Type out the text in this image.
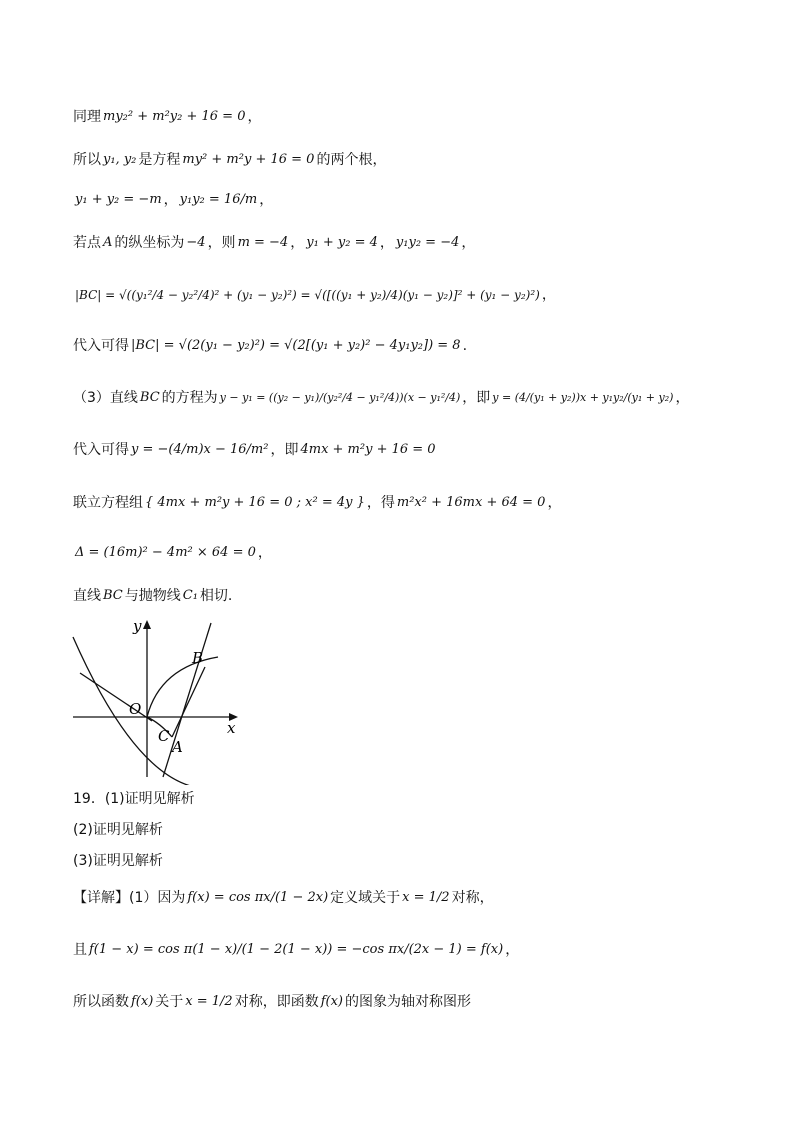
同理 my₂² + m²y₂ + 16 = 0 ，
所以 y₁, y₂ 是方程 my² + m²y + 16 = 0 的两个根，
y₁ + y₂ = −m ， y₁y₂ = 16/m ，
若点 A 的纵坐标为 −4 ，则 m = −4 ， y₁ + y₂ = 4 ， y₁y₂ = −4 ，
|BC| = √((y₁²/4 − y₂²/4)² + (y₁ − y₂)²) = √([((y₁ + y₂)/4)(y₁ − y₂)]² + (y₁ − y₂)²) ，
代入可得 |BC| = √(2(y₁ − y₂)²) = √(2[(y₁ + y₂)² − 4y₁y₂]) = 8 .
（3）直线 BC 的方程为 y − y₁ = ((y₂ − y₁)/(y₂²/4 − y₁²/4))(x − y₁²/4) ，即 y = (4/(y₁ + y₂))x + y₁y₂/(y₁ + y₂) ，
代入可得 y = −(4/m)x − 16/m² ，即 4mx + m²y + 16 = 0
联立方程组 { 4mx + m²y + 16 = 0 ; x² = 4y } ，得 m²x² + 16mx + 64 = 0 ，
Δ = (16m)² − 4m² × 64 = 0 ，
直线 BC 与抛物线 C₁ 相切.
y
x
O
B
C
A
19．(1)证明见解析
(2)证明见解析
(3)证明见解析
【详解】(1）因为 f(x) = cos πx/(1 − 2x) 定义域关于 x = 1/2 对称，
且 f(1 − x) = cos π(1 − x)/(1 − 2(1 − x)) = −cos πx/(2x − 1) = f(x) ，
所以函数 f(x) 关于 x = 1/2 对称，即函数 f(x) 的图象为轴对称图形
